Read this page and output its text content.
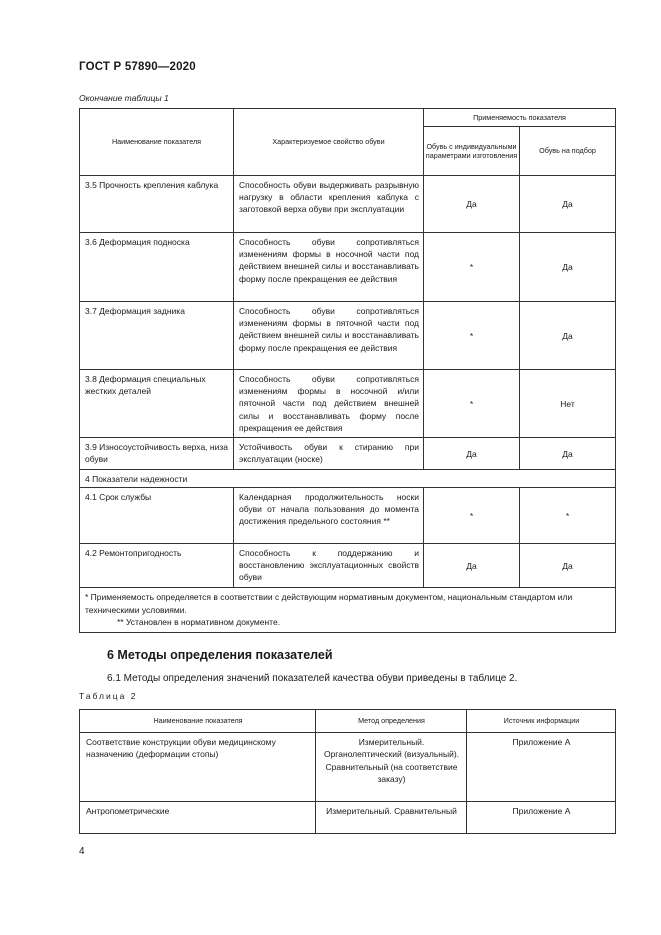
ГОСТ Р 57890—2020
Окончание таблицы 1
Наименование показателя	Характеризуемое свойство обуви	Применяемость показателя	
		Обувь с индивидуальными параметрами изготовления	Обувь на подбор
3.5 Прочность крепления каблука	Способность обуви выдерживать разрывную нагрузку в области крепления каблука с заготовкой верха обуви при эксплуатации	Да	Да
3.6 Деформация подноска	Способность обуви сопротивляться изменениям формы в носочной части под действием внешней силы и восстанавливать форму после прекращения ее действия	*	Да
3.7 Деформация задника	Способность обуви сопротивляться изменениям формы в пяточной части под действием внешней силы и восстанавливать форму после прекращения ее действия	*	Да
3.8 Деформация специальных жестких деталей	Способность обуви сопротивляться изменениям формы в носочной и/или пяточной части под действием внешней силы и восстанавливать форму после прекращения ее действия	*	Нет
3.9 Износоустойчивость верха, низа обуви	Устойчивость обуви к стиранию при эксплуатации (носке)	Да	Да
4 Показатели надежности			
4.1 Срок службы	Календарная продолжительность носки обуви от начала пользования до момента достижения предельного состояния **	*	*
4.2 Ремонтопригодность	Способность к поддержанию и восстановлению эксплуатационных свойств обуви	Да	Да

* Применяемость определяется в соответствии с действующим нормативным документом, национальным стандартом или техническими условиями.
** Установлен в нормативном документе.			
6 Методы определения показателей
6.1 Методы определения значений показателей качества обуви приведены в таблице 2.
Таблица 2
Наименование показателя	Метод определения	Источник информации
Соответствие конструкции обуви медицинскому назначению (деформации стопы)	Измерительный. Органолептический (визуальный). Сравнительный (на соответствие заказу)	Приложение А
Антропометрические	Измерительный. Сравнительный	Приложение А
4
